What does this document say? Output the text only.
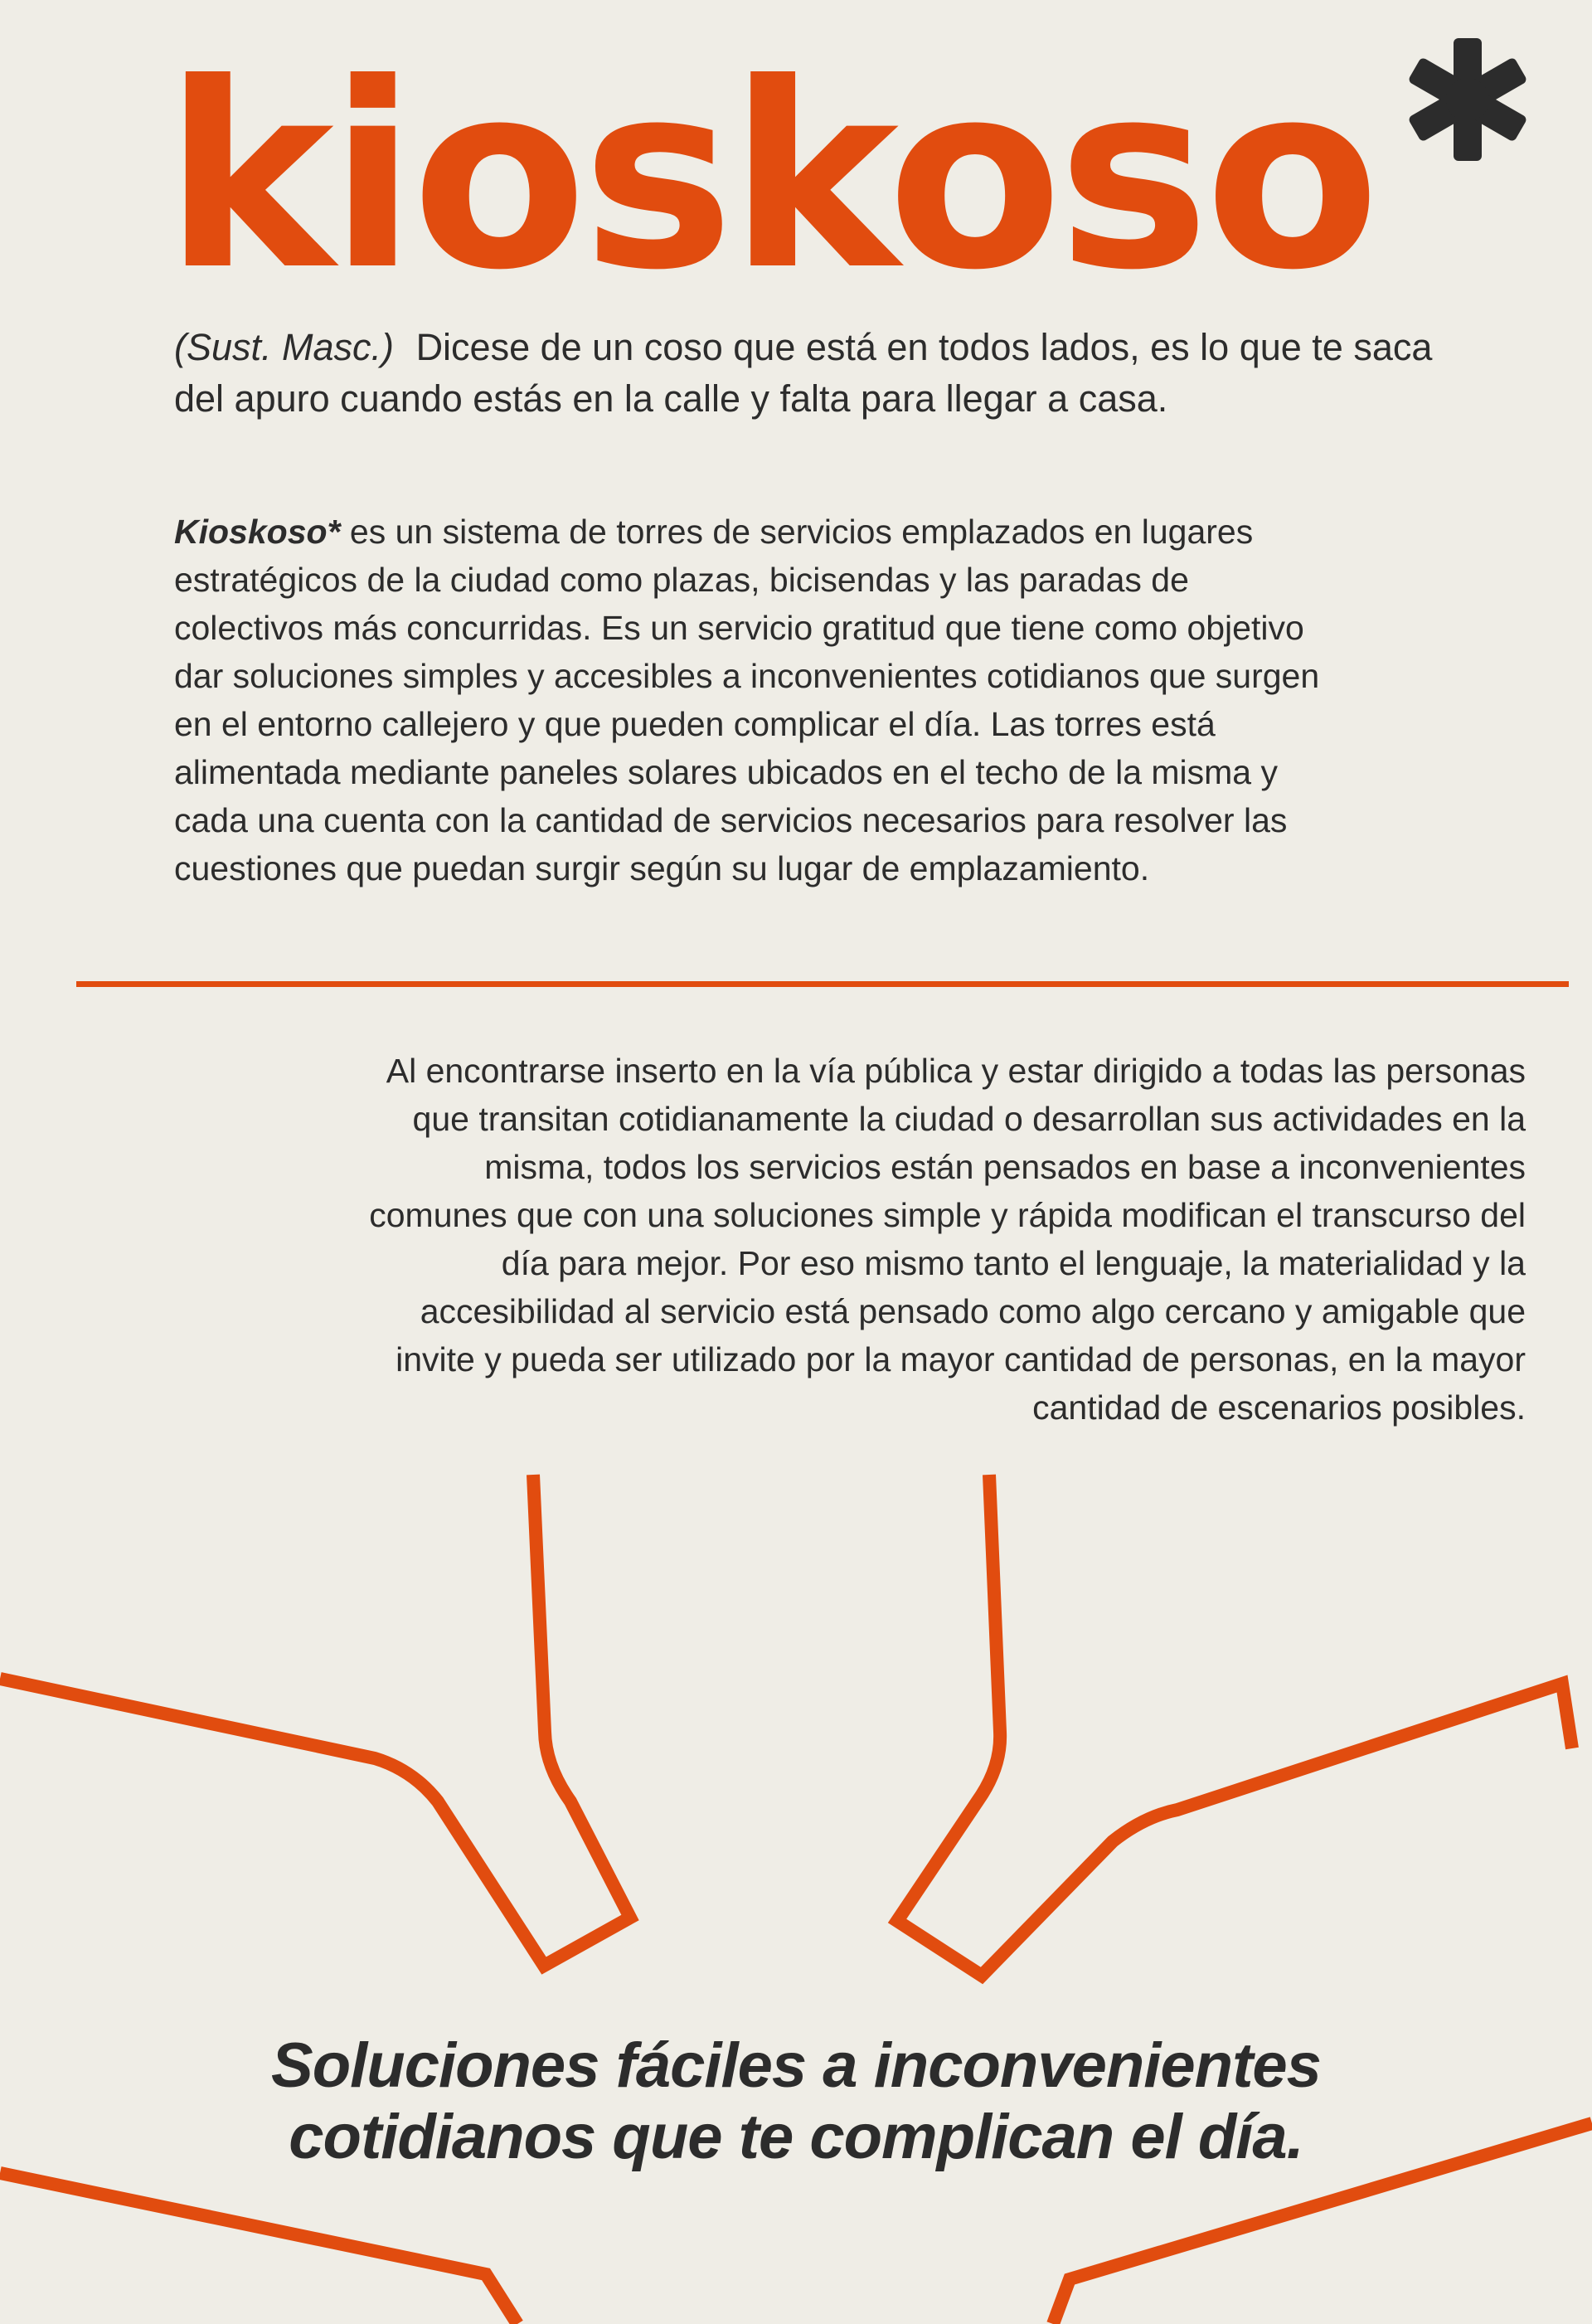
kioskoso
(Sust. Masc.) Dicese de un coso que está en todos lados, es lo que te saca del apuro cuando estás en la calle y falta para llegar a casa.
Kioskoso* es un sistema de torres de servicios emplazados en lugares estratégicos de la ciudad como plazas, bicisendas y las paradas de colectivos más concurridas. Es un servicio gratitud que tiene como objetivo dar soluciones simples y accesibles a inconvenientes cotidianos que surgen en el entorno callejero y que pueden complicar el día. Las torres está alimentada mediante paneles solares ubicados en el techo de la misma y cada una cuenta con la cantidad de servicios necesarios para resolver las cuestiones que puedan surgir según su lugar de emplazamiento.
Al encontrarse inserto en la vía pública y estar dirigido a todas las personas que transitan cotidianamente la ciudad o desarrollan sus actividades en la misma, todos los servicios están pensados en base a inconvenientes comunes que con una soluciones simple y rápida modifican el transcurso del día para mejor. Por eso mismo tanto el lenguaje, la materialidad y la accesibilidad al servicio está pensado como algo cercano y amigable que invite y pueda ser utilizado por la mayor cantidad de personas, en la mayor cantidad de escenarios posibles.
Soluciones fáciles a inconvenientes
cotidianos que te complican el día.
